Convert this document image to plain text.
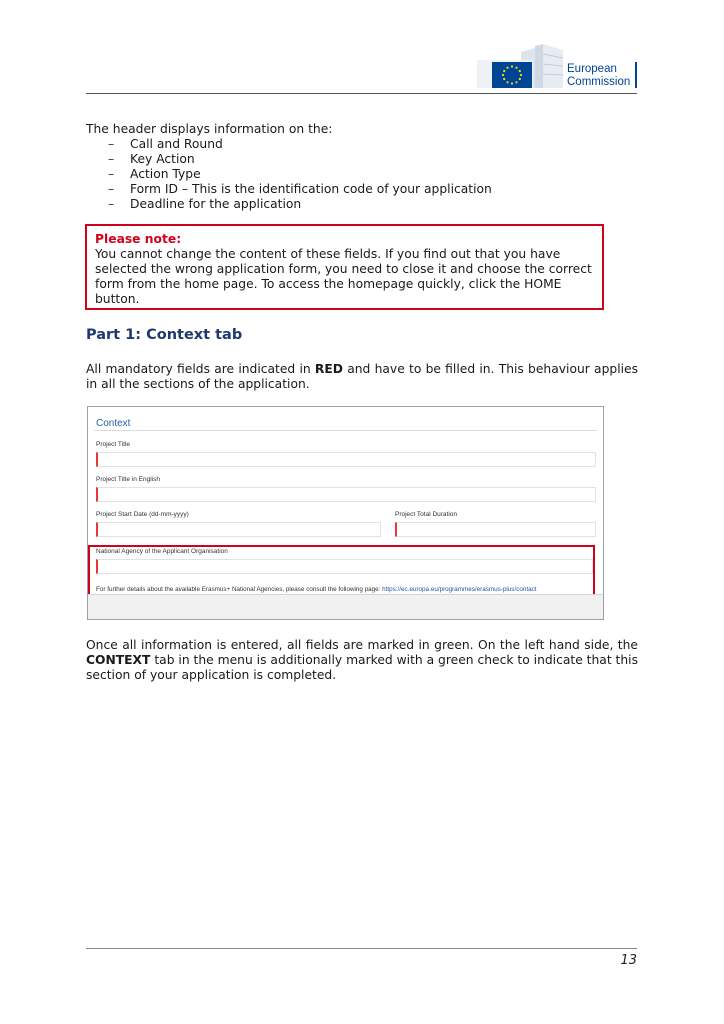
European
Commission
The header displays information on the:
– Call and Round
– Key Action
– Action Type
– Form ID – This is the identification code of your application
– Deadline for the application
Please note:
You cannot change the content of these fields. If you find out that you have selected the wrong application form, you need to close it and choose the correct form from the home page. To access the homepage quickly, click the HOME button.
Part 1: Context tab
All mandatory fields are indicated in RED and have to be filled in. This behaviour applies in all the sections of the application.
Context
Project Title
Project Title in English
Project Start Date (dd-mm-yyyy)	Project Total Duration
National Agency of the Applicant Organisation
For further details about the available Erasmus+ National Agencies, please consult the following page: https://ec.europa.eu/programmes/erasmus-plus/contact
Once all information is entered, all fields are marked in green. On the left hand side, the CONTEXT tab in the menu is additionally marked with a green check to indicate that this section of your application is completed.
13
